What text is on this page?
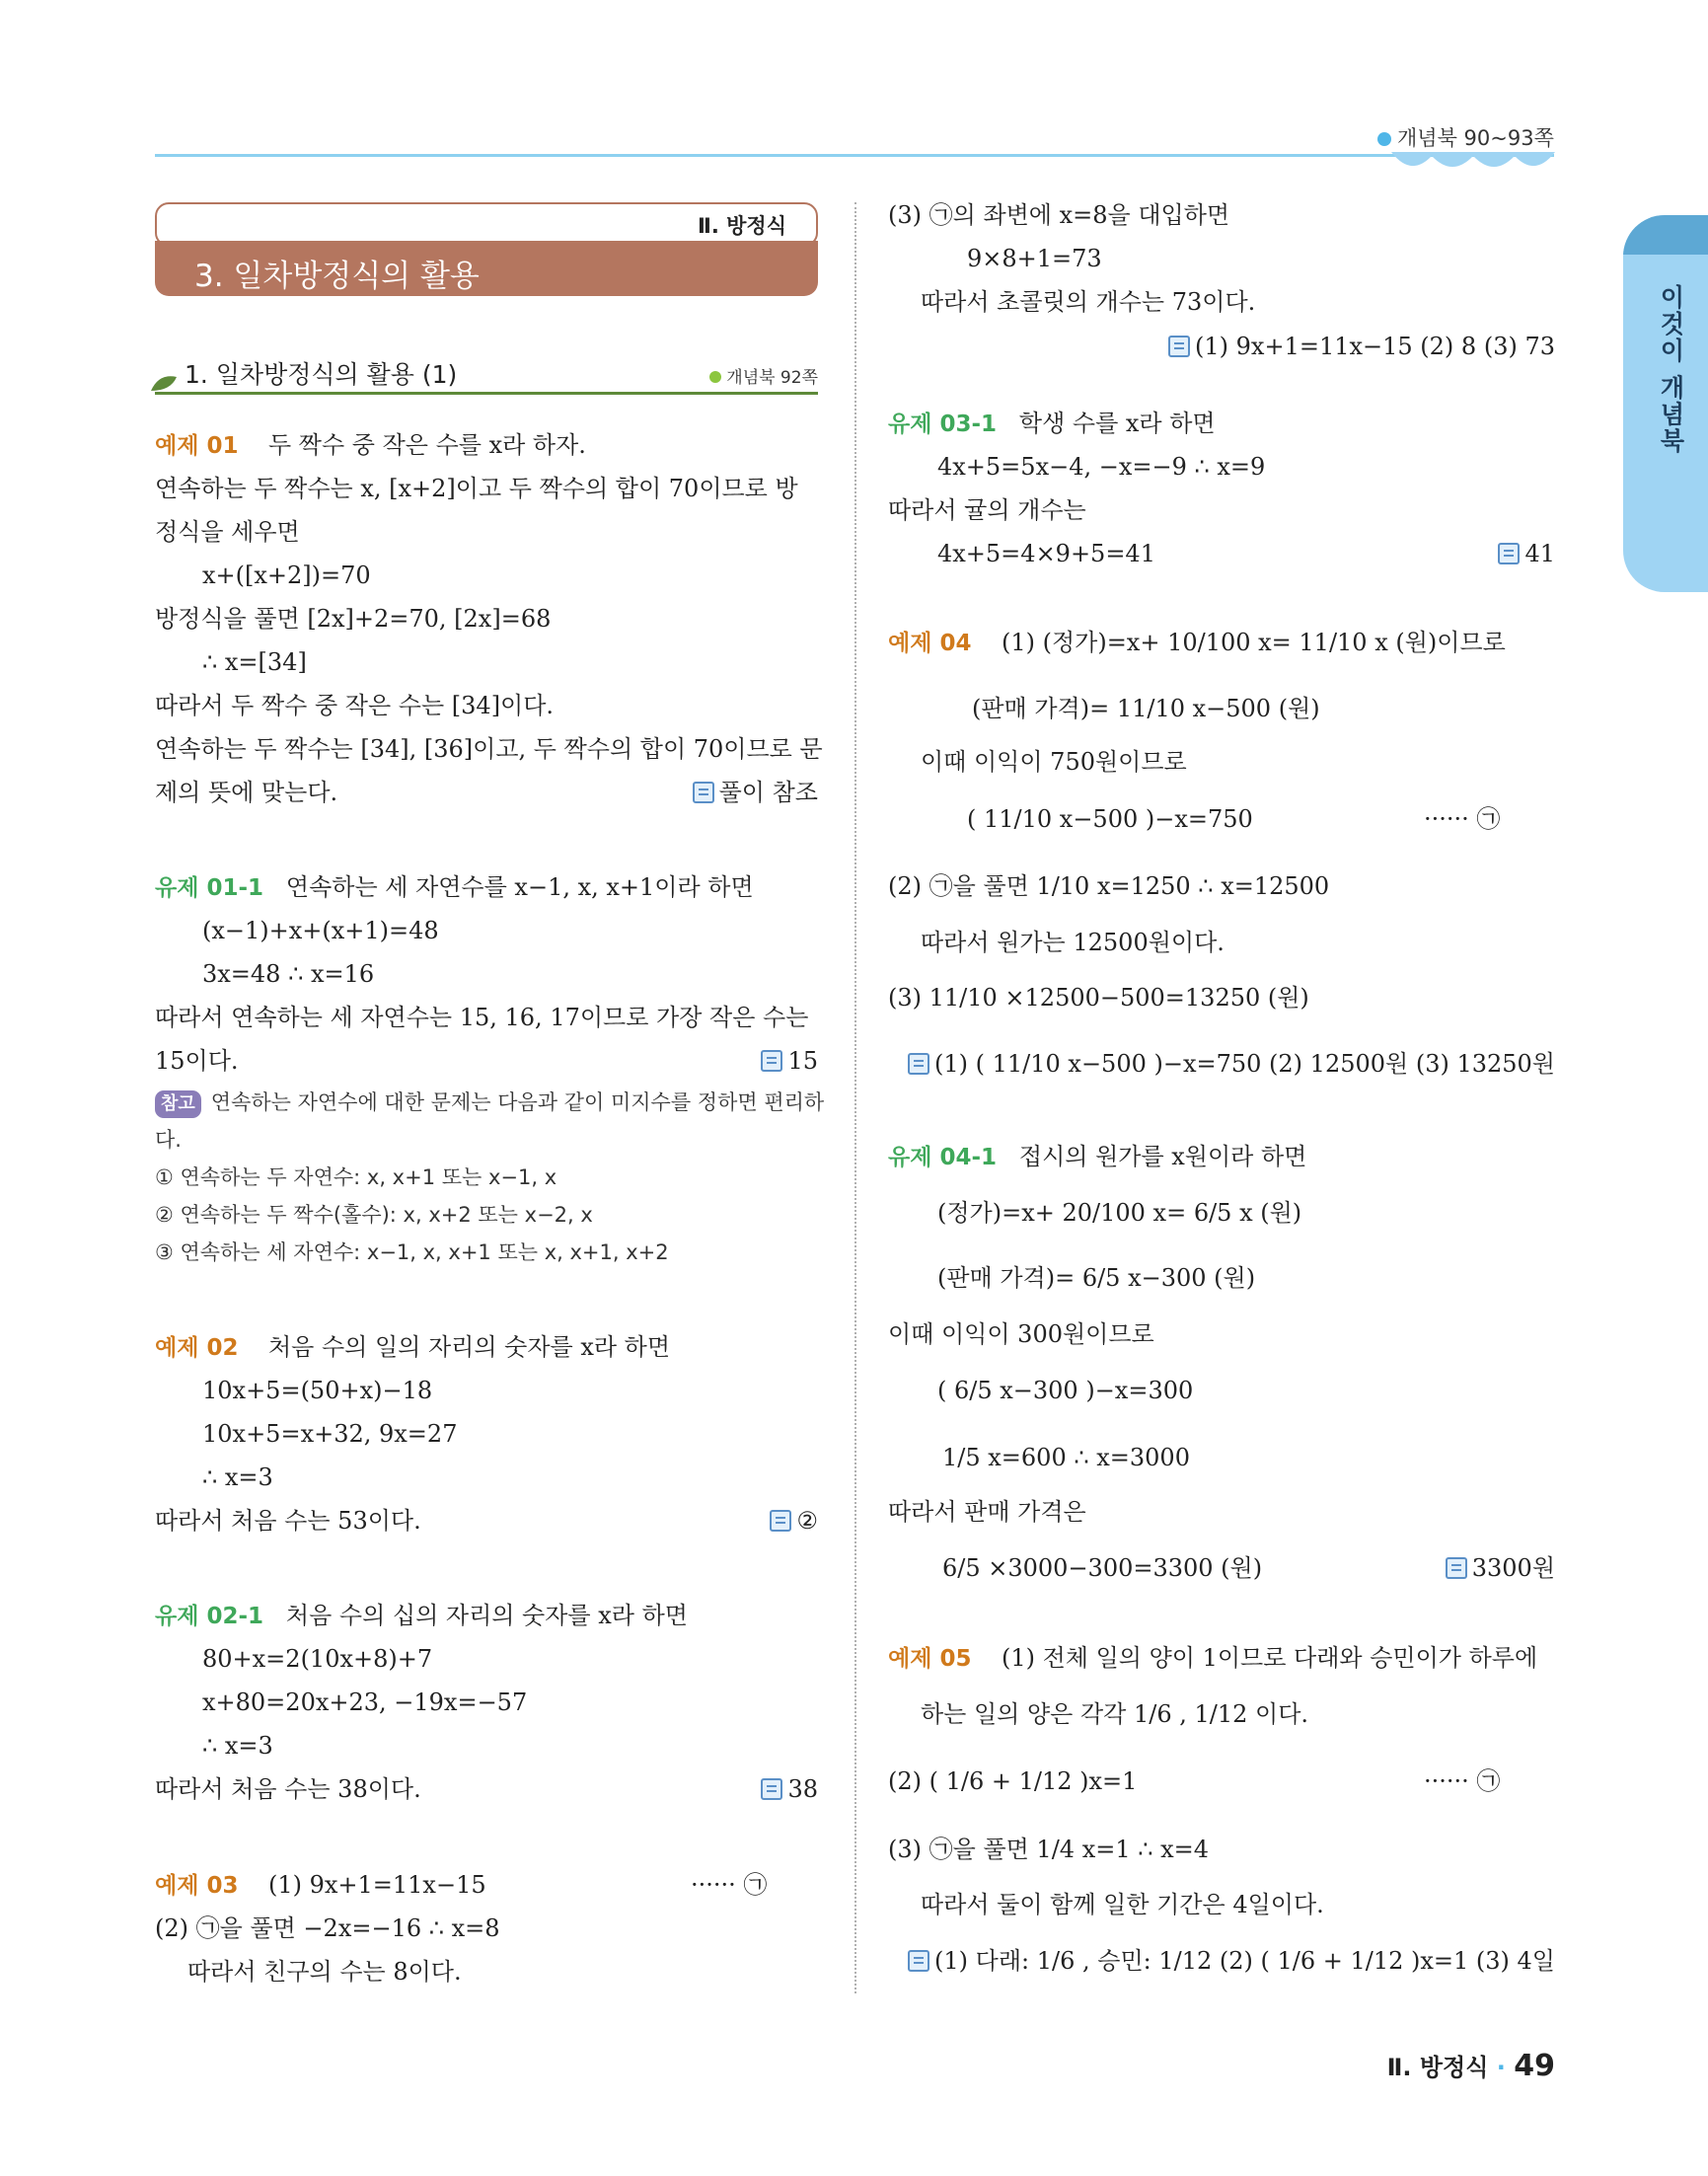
개념북 90~93쪽
이것이 개념북
Ⅱ. 방정식
3. 일차방정식의 활용
1. 일차방정식의 활용 (1)	개념북 92쪽
예제 01 두 짝수 중 작은 수를 x라 하자.
연속하는 두 짝수는 x, [x+2]이고 두 짝수의 합이 70이므로 방
정식을 세우면
x+([x+2])=70
방정식을 풀면 [2x]+2=70, [2x]=68
∴ x=[34]
따라서 두 짝수 중 작은 수는 [34]이다.
연속하는 두 짝수는 [34], [36]이고, 두 짝수의 합이 70이므로 문
제의 뜻에 맞는다.	풀이 참조
유제 01-1 연속하는 세 자연수를 x−1, x, x+1이라 하면
(x−1)+x+(x+1)=48
3x=48 ∴ x=16
따라서 연속하는 세 자연수는 15, 16, 17이므로 가장 작은 수는
15이다.	15
참고 연속하는 자연수에 대한 문제는 다음과 같이 미지수를 정하면 편리하
다.
① 연속하는 두 자연수: x, x+1 또는 x−1, x
② 연속하는 두 짝수(홀수): x, x+2 또는 x−2, x
③ 연속하는 세 자연수: x−1, x, x+1 또는 x, x+1, x+2
예제 02 처음 수의 일의 자리의 숫자를 x라 하면
10x+5=(50+x)−18
10x+5=x+32, 9x=27
∴ x=3
따라서 처음 수는 53이다.	②
유제 02-1 처음 수의 십의 자리의 숫자를 x라 하면
80+x=2(10x+8)+7
x+80=20x+23, −19x=−57
∴ x=3
따라서 처음 수는 38이다.	38
예제 03 (1) 9x+1=11x−15	······ ㉠
(2) ㉠을 풀면 −2x=−16 ∴ x=8
따라서 친구의 수는 8이다.
(3) ㉠의 좌변에 x=8을 대입하면
9×8+1=73
따라서 초콜릿의 개수는 73이다.
(1) 9x+1=11x−15 (2) 8 (3) 73
유제 03-1 학생 수를 x라 하면
4x+5=5x−4, −x=−9 ∴ x=9
따라서 귤의 개수는
4x+5=4×9+5=41	41
예제 04 (1) (정가)=x+ 10/100 x= 11/10 x (원)이므로
(판매 가격)= 11/10 x−500 (원)
이때 이익이 750원이므로
( 11/10 x−500 )−x=750	······ ㉠
(2) ㉠을 풀면 1/10 x=1250 ∴ x=12500
따라서 원가는 12500원이다.
(3) 11/10 ×12500−500=13250 (원)
(1) ( 11/10 x−500 )−x=750 (2) 12500원 (3) 13250원
유제 04-1 접시의 원가를 x원이라 하면
(정가)=x+ 20/100 x= 6/5 x (원)
(판매 가격)= 6/5 x−300 (원)
이때 이익이 300원이므로
( 6/5 x−300 )−x=300
1/5 x=600 ∴ x=3000
따라서 판매 가격은
6/5 ×3000−300=3300 (원)	3300원
예제 05 (1) 전체 일의 양이 1이므로 다래와 승민이가 하루에
하는 일의 양은 각각 1/6 , 1/12 이다.
(2) ( 1/6 + 1/12 )x=1	······ ㉠
(3) ㉠을 풀면 1/4 x=1 ∴ x=4
따라서 둘이 함께 일한 기간은 4일이다.
(1) 다래: 1/6 , 승민: 1/12 (2) ( 1/6 + 1/12 )x=1 (3) 4일
Ⅱ. 방정식 · 49
